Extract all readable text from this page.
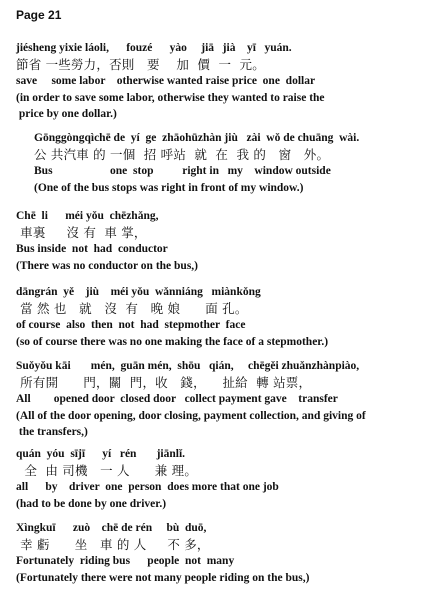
Page 21
jiésheng yixie láoli,      fouzé      yào     jiā   jià    yī   yuán.
節省 一些勞力，否則   要    加  價  一  元。
save     some labor    otherwise wanted raise price  one  dollar
(in order to save some labor, otherwise they wanted to raise the
price by one dollar.)
Gōnggòngqìchē de  yí  ge  zhāohūzhàn jiù   zài  wǒ de chuāng  wài.
公 共汽車 的 一個  招 呼站  就  在  我 的   窗   外。
Bus                    one  stop          right in   my    window outside
(One of the bus stops was right in front of my window.)
Chē  li      méi yǒu  chēzhǎng,
車裏     沒 有  車 掌，
Bus inside  not  had  conductor
(There was no conductor on the bus,)
dāngrán  yě    jiù    méi yǒu  wǎnniáng   miànkǒng
當 然 也   就   沒  有   晚 娘      面 孔。
of course  also  then  not  had  stepmother  face
(so of course there was no one making the face of a stepmother.)
Suǒyǒu kāi       mén,  guān mén,  shōu   qián,     chēgěi zhuǎnzhànpiào,
所有開      門，關  門，收   錢，    扯給  轉 站票，
All        opened door  closed door   collect payment gave    transfer
(All of the door opening, door closing, payment collection, and giving of
the transfers,)
quán  yóu  sījī      yí   rén       jiānlǐ.
全  由 司機   一 人      兼 理。
all      by    driver  one  person  does more that one job
(had to be done by one driver.)
Xìngkuī      zuò    chē de rén     bù  duō,
幸 虧      坐   車 的 人     不 多，
Fortunately  riding bus      people  not  many
(Fortunately there were not many people riding on the bus,)
